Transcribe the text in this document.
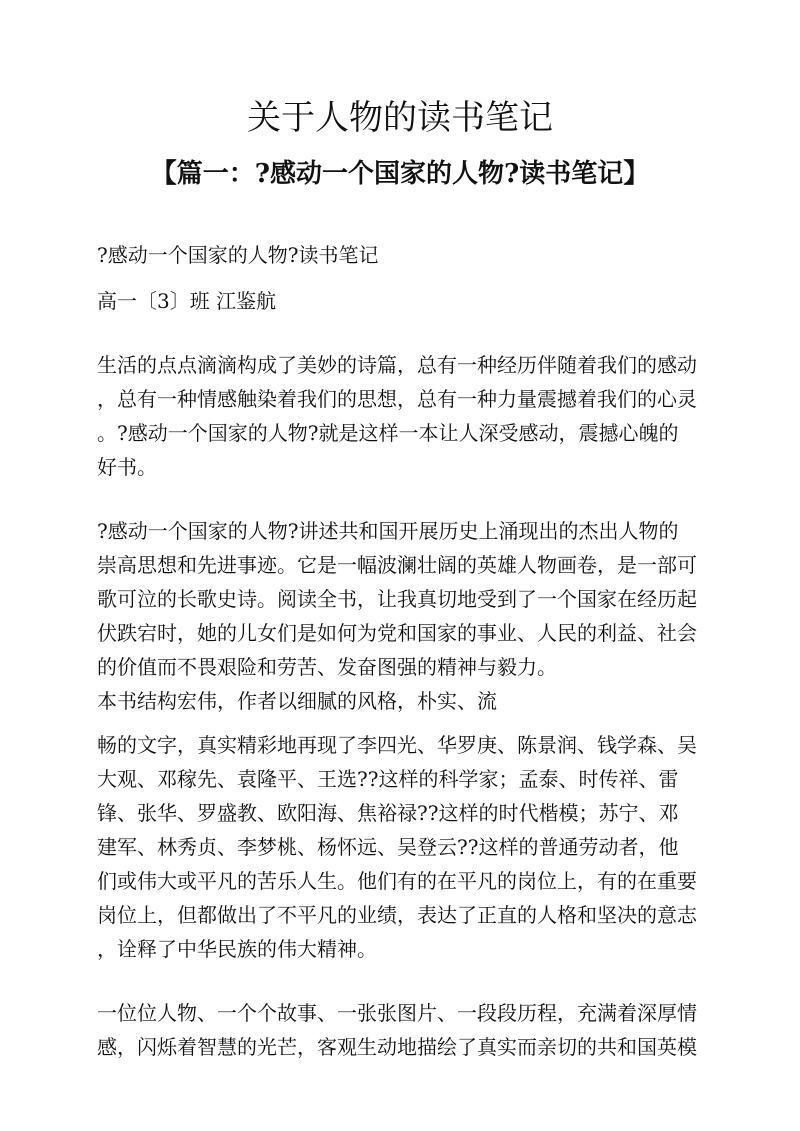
关于人物的读书笔记
【篇一：?感动一个国家的人物?读书笔记】

?感动一个国家的人物?读书笔记

高一〔3〕班 江鉴航

生活的点点滴滴构成了美妙的诗篇，总有一种经历伴随着我们的感动

，总有一种情感触染着我们的思想，总有一种力量震撼着我们的心灵

。?感动一个国家的人物?就是这样一本让人深受感动，震撼心魄的

好书。

?感动一个国家的人物?讲述共和国开展历史上涌现出的杰出人物的

崇高思想和先进事迹。它是一幅波澜壮阔的英雄人物画卷，是一部可

歌可泣的长歌史诗。阅读全书，让我真切地受到了一个国家在经历起

伏跌宕时，她的儿女们是如何为党和国家的事业、人民的利益、社会

的价值而不畏艰险和劳苦、发奋图强的精神与毅力。

本书结构宏伟，作者以细腻的风格，朴实、流

畅的文字，真实精彩地再现了李四光、华罗庚、陈景润、钱学森、吴

大观、邓稼先、袁隆平、王选??这样的科学家；孟泰、时传祥、雷

锋、张华、罗盛教、欧阳海、焦裕禄??这样的时代楷模；苏宁、邓

建军、林秀贞、李梦桃、杨怀远、吴登云??这样的普通劳动者，他

们或伟大或平凡的苦乐人生。他们有的在平凡的岗位上，有的在重要

岗位上，但都做出了不平凡的业绩，表达了正直的人格和坚决的意志

，诠释了中华民族的伟大精神。

一位位人物、一个个故事、一张张图片、一段段历程，充满着深厚情

感，闪烁着智慧的光芒，客观生动地描绘了真实而亲切的共和国英模
